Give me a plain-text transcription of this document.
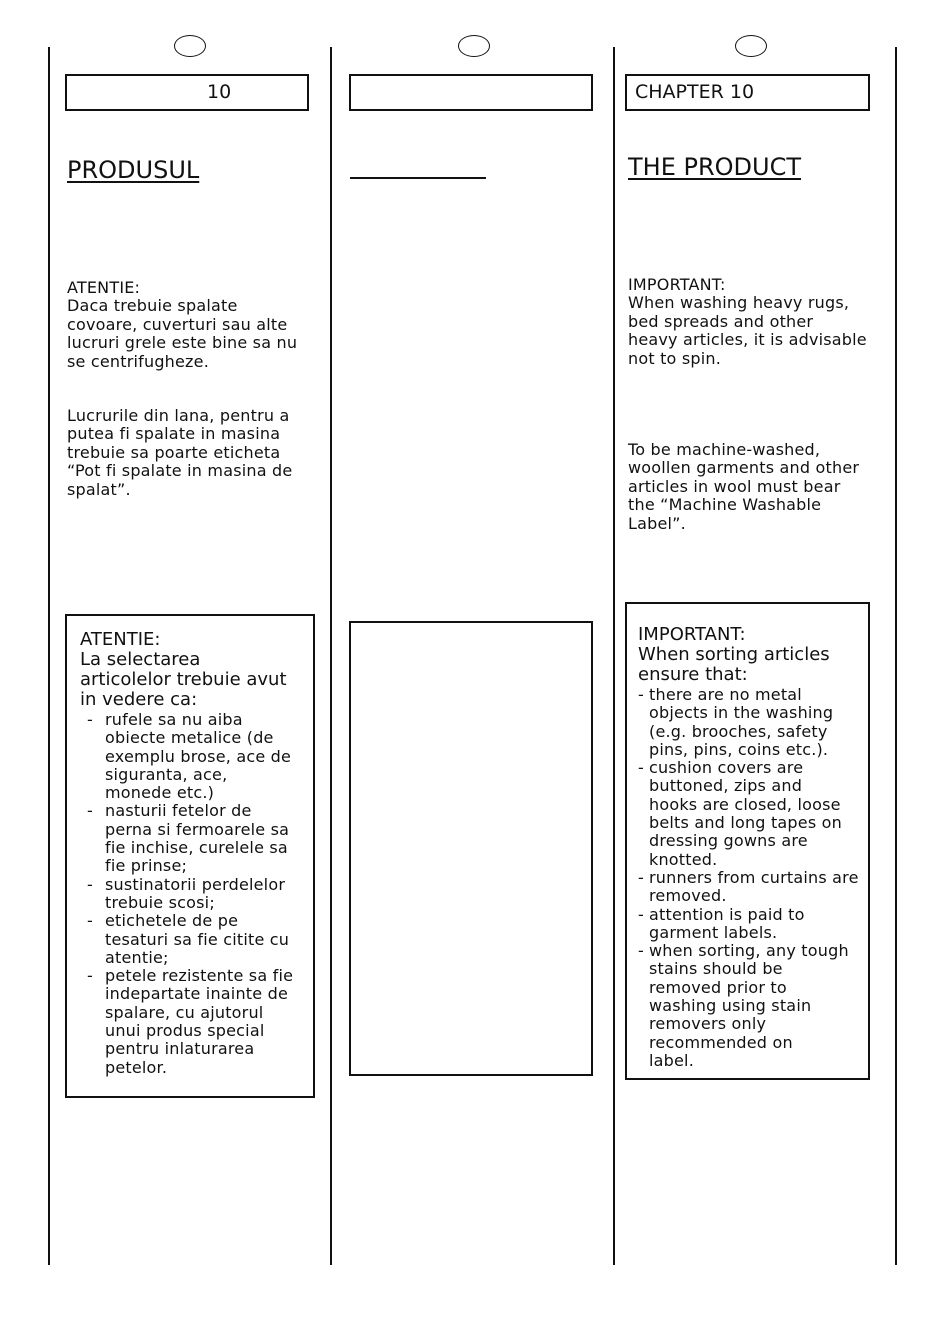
10
PRODUSUL
ATENTIE:
Daca trebuie spalate
covoare, cuverturi sau alte
lucruri grele este bine sa nu
se centrifugheze.
Lucrurile din lana, pentru a
putea fi spalate in masina
trebuie sa poarte eticheta
“Pot fi spalate in masina de
spalat”.
ATENTIE:
La selectarea
articolelor trebuie avut
in vedere ca:
- rufele sa nu aiba
obiecte metalice (de
exemplu brose, ace de
siguranta, ace,
monede etc.)
- nasturii fetelor de
perna si fermoarele sa
fie inchise, curelele sa
fie prinse;
- sustinatorii perdelelor
trebuie scosi;
- etichetele de pe
tesaturi sa fie citite cu
atentie;
- petele rezistente sa fie
indepartate inainte de
spalare, cu ajutorul
unui produs special
pentru inlaturarea
petelor.
CHAPTER 10
THE PRODUCT
IMPORTANT:
When washing heavy rugs,
bed spreads and other
heavy articles, it is advisable
not to spin.
To be machine-washed,
woollen garments and other
articles in wool must bear
the “Machine Washable
Label”.
IMPORTANT:
When sorting articles
ensure that:
- there are no metal
objects in the washing
(e.g. brooches, safety
pins, pins, coins etc.).
- cushion covers are
buttoned, zips and
hooks are closed, loose
belts and long tapes on
dressing gowns are
knotted.
- runners from curtains are
removed.
- attention is paid to
garment labels.
- when sorting, any tough
stains should be
removed prior to
washing using stain
removers only
recommended on
label.
